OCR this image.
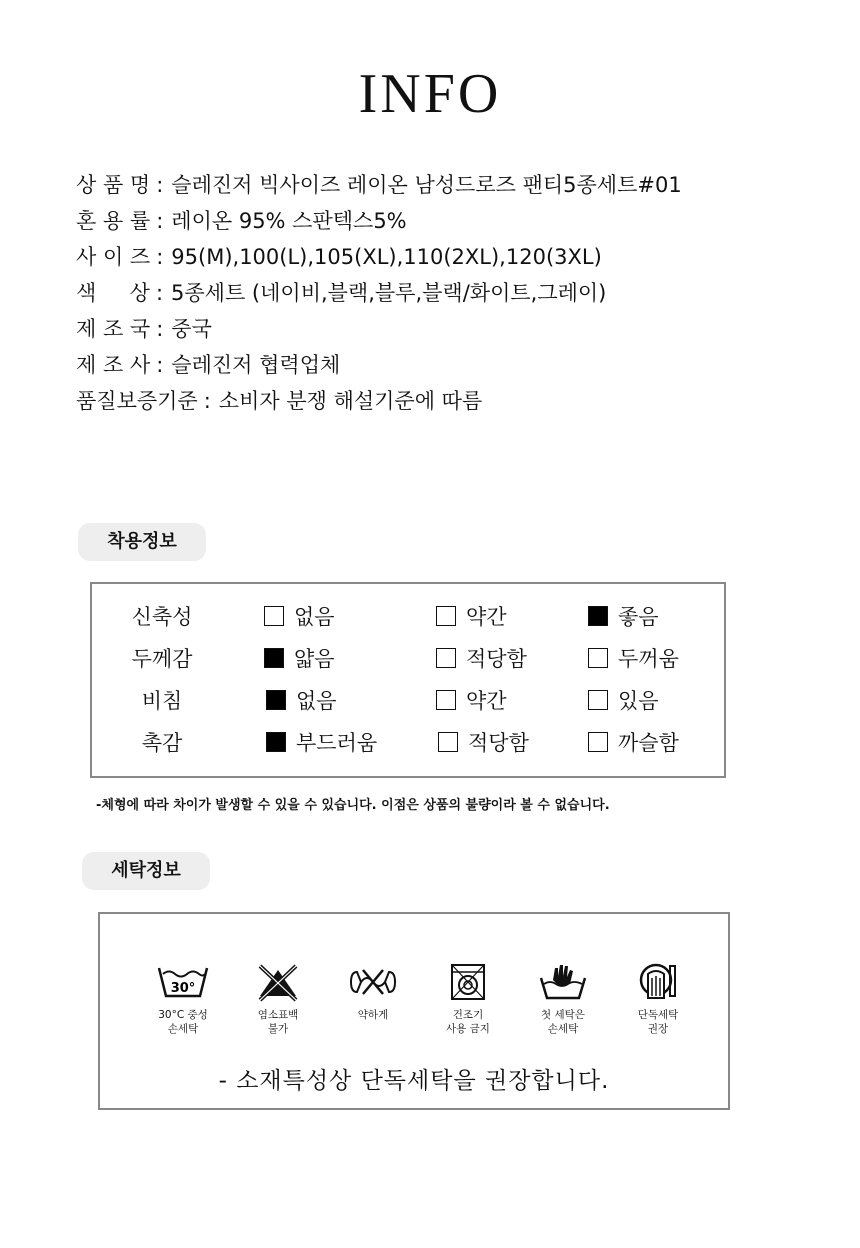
INFO
상 품 명 : 슬레진저 빅사이즈 레이온 남성드로즈 팬티5종세트#01
혼 용 률 : 레이온 95% 스판텍스5%
사 이 즈 : 95(M),100(L),105(XL),110(2XL),120(3XL)
색     상 : 5종세트 (네이비,블랙,블루,블랙/화이트,그레이)
제 조 국 : 중국
제 조 사 : 슬레진저 협력업체
품질보증기준 : 소비자 분쟁 해설기준에 따름
착용정보
신축성	없음	약간	좋음
두께감	얇음	적당함	두꺼움
비침	없음	약간	있음
촉감	부드러움	적당함	까슬함
-체형에 따라 차이가 발생할 수 있을 수 있습니다. 이점은 상품의 불량이라 볼 수 없습니다.
세탁정보
30°
30°C 중성
손세탁
염소표백
불가
약하게	건조기
사용 금지
첫 세탁은
손세탁
단독세탁
권장
- 소재특성상 단독세탁을 권장합니다.
